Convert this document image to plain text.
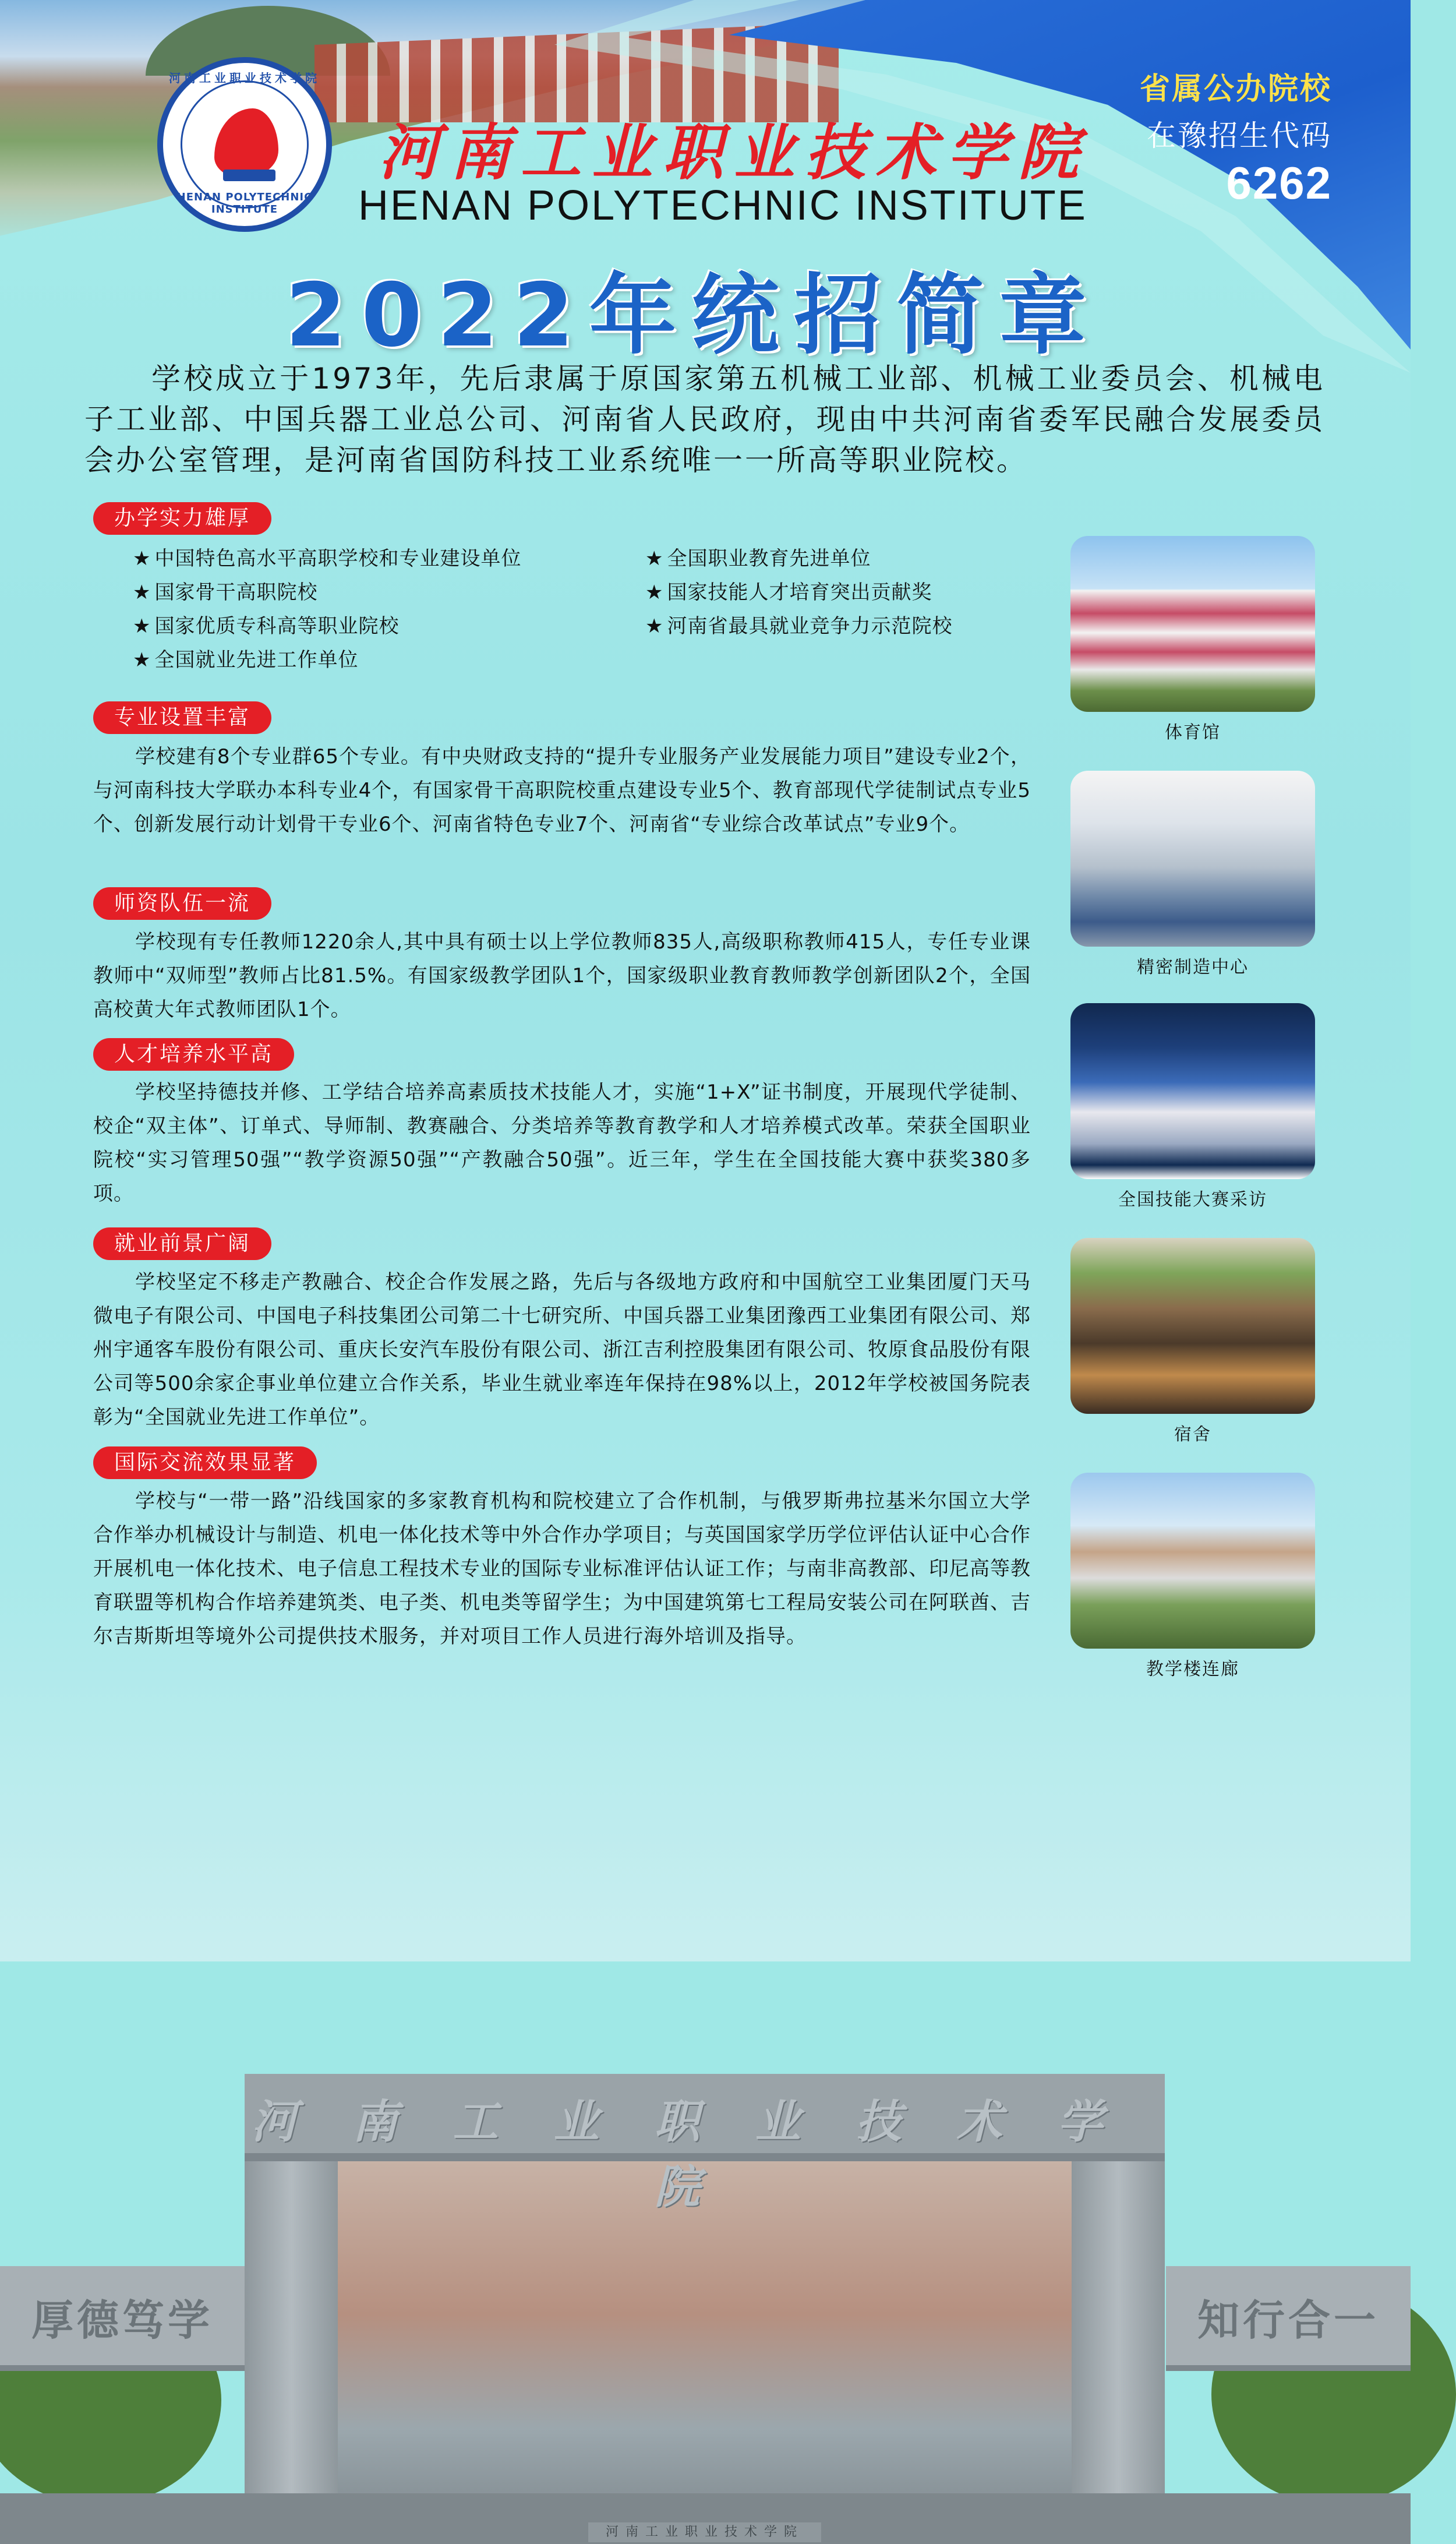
河南工业职业技术学院
HENAN POLYTECHNIC INSTITUTE
河南工业职业技术学院
HENAN POLYTECHNIC INSTITUTE
2022年统招简章
省属公办院校
在豫招生代码
6262
学校成立于1973年，先后隶属于原国家第五机械工业部、机械工业委员会、机械电子工业部、中国兵器工业总公司、河南省人民政府，现由中共河南省委军民融合发展委员会办公室管理，是河南省国防科技工业系统唯一一所高等职业院校。
办学实力雄厚
★ 中国特色高水平高职学校和专业建设单位
★ 国家骨干高职院校
★ 国家优质专科高等职业院校
★ 全国就业先进工作单位
★ 全国职业教育先进单位
★ 国家技能人才培育突出贡献奖
★ 河南省最具就业竞争力示范院校
专业设置丰富
学校建有8个专业群65个专业。有中央财政支持的“提升专业服务产业发展能力项目”建设专业2个，与河南科技大学联办本科专业4个，有国家骨干高职院校重点建设专业5个、教育部现代学徒制试点专业5个、创新发展行动计划骨干专业6个、河南省特色专业7个、河南省“专业综合改革试点”专业9个。
师资队伍一流
学校现有专任教师1220余人,其中具有硕士以上学位教师835人,高级职称教师415人，专任专业课教师中“双师型”教师占比81.5%。有国家级教学团队1个，国家级职业教育教师教学创新团队2个，全国高校黄大年式教师团队1个。
人才培养水平高
学校坚持德技并修、工学结合培养高素质技术技能人才，实施“1+X”证书制度，开展现代学徒制、校企“双主体”、订单式、导师制、教赛融合、分类培养等教育教学和人才培养模式改革。荣获全国职业院校“实习管理50强”“教学资源50强”“产教融合50强”。近三年，学生在全国技能大赛中获奖380多项。
就业前景广阔
学校坚定不移走产教融合、校企合作发展之路，先后与各级地方政府和中国航空工业集团厦门天马微电子有限公司、中国电子科技集团公司第二十七研究所、中国兵器工业集团豫西工业集团有限公司、郑州宇通客车股份有限公司、重庆长安汽车股份有限公司、浙江吉利控股集团有限公司、牧原食品股份有限公司等500余家企事业单位建立合作关系，毕业生就业率连年保持在98%以上，2012年学校被国务院表彰为“全国就业先进工作单位”。
国际交流效果显著
学校与“一带一路”沿线国家的多家教育机构和院校建立了合作机制，与俄罗斯弗拉基米尔国立大学合作举办机械设计与制造、机电一体化技术等中外合作办学项目；与英国国家学历学位评估认证中心合作开展机电一体化技术、电子信息工程技术专业的国际专业标准评估认证工作；与南非高教部、印尼高等教育联盟等机构合作培养建筑类、电子类、机电类等留学生；为中国建筑第七工程局安装公司在阿联酋、吉尔吉斯斯坦等境外公司提供技术服务，并对项目工作人员进行海外培训及指导。
体育馆
精密制造中心
全国技能大赛采访
宿舍
教学楼连廊
河南工业职业技术学院
厚德笃学	知行合一
河南工业职业技术学院
